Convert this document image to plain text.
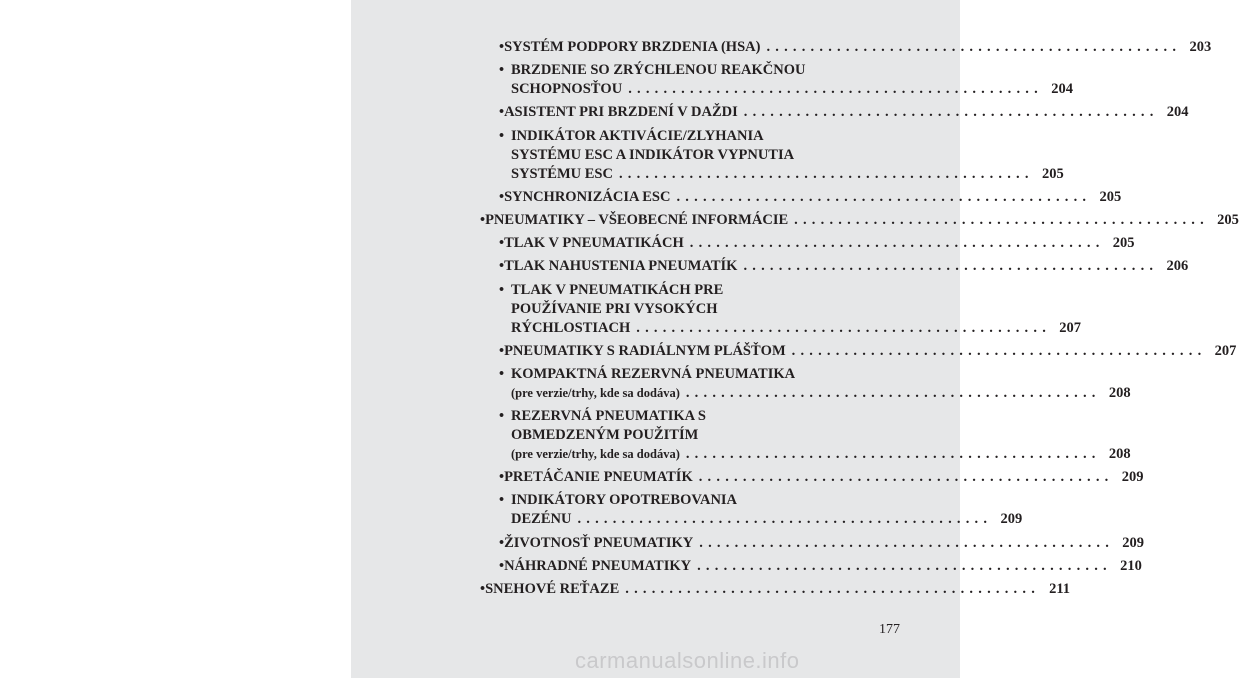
• SYSTÉM PODPORY BRZDENIA (HSA) ............................................... 203
• BRZDENIE SO ZRÝCHLENOU REAKČNOU
SCHOPNOSŤOU ............................................... 204
• ASISTENT PRI BRZDENÍ V DAŽDI ............................................... 204
• INDIKÁTOR AKTIVÁCIE/ZLYHANIA
SYSTÉMU ESC A INDIKÁTOR VYPNUTIA
SYSTÉMU ESC ............................................... 205
• SYNCHRONIZÁCIA ESC ............................................... 205
• PNEUMATIKY – VŠEOBECNÉ INFORMÁCIE ............................................... 205
• TLAK V PNEUMATIKÁCH ............................................... 205
• TLAK NAHUSTENIA PNEUMATÍK ............................................... 206
• TLAK V PNEUMATIKÁCH PRE
POUŽÍVANIE PRI VYSOKÝCH
RÝCHLOSTIACH ............................................... 207
• PNEUMATIKY S RADIÁLNYM PLÁŠŤOM ............................................... 207
• KOMPAKTNÁ REZERVNÁ PNEUMATIKA
(pre verzie/trhy, kde sa dodáva) ............................................... 208
• REZERVNÁ PNEUMATIKA S
OBMEDZENÝM POUŽITÍM
(pre verzie/trhy, kde sa dodáva) ............................................... 208
• PRETÁČANIE PNEUMATÍK ............................................... 209
• INDIKÁTORY OPOTREBOVANIA
DEZÉNU ............................................... 209
• ŽIVOTNOSŤ PNEUMATIKY ............................................... 209
• NÁHRADNÉ PNEUMATIKY ............................................... 210
• SNEHOVÉ REŤAZE ............................................... 211
177
carmanualsonline.info
